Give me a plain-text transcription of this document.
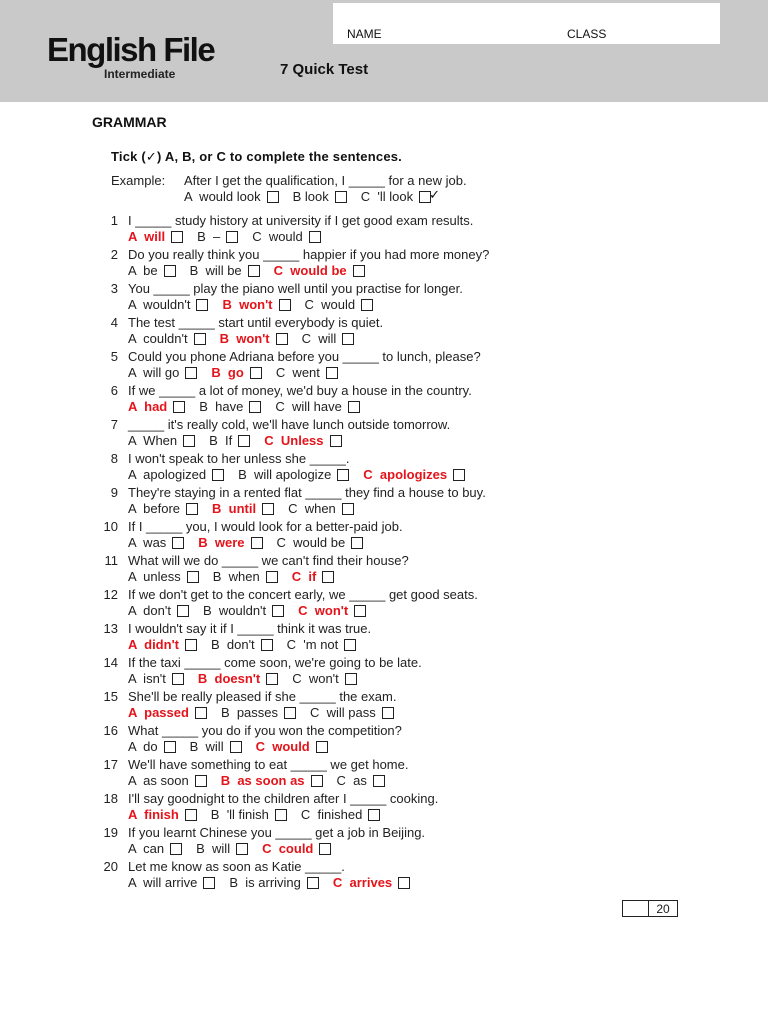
English File
Intermediate
NAME	CLASS
7 Quick Test
GRAMMAR
Tick (✓) A, B, or C to complete the sentences.
Example: After I get the qualification, I _____ for a new job.
A  would look B look C  'll look ✓
1 I _____ study history at university if I get good exam results.
A  will B  – C  would
2 Do you really think you _____ happier if you had more money?
A  be B  will be C  would be
3 You _____ play the piano well until you practise for longer.
A  wouldn't B  won't C  would
4 The test _____ start until everybody is quiet.
A  couldn't B  won't C  will
5 Could you phone Adriana before you _____ to lunch, please?
A  will go B  go C  went
6 If we _____ a lot of money, we'd buy a house in the country.
A  had B  have C  will have
7 _____ it's really cold, we'll have lunch outside tomorrow.
A  When B  If C  Unless
8 I won't speak to her unless she _____.
A  apologized B  will apologize C  apologizes
9 They're staying in a rented flat _____ they find a house to buy.
A  before B  until C  when
10 If I _____ you, I would look for a better-paid job.
A  was B  were C  would be
11 What will we do _____ we can't find their house?
A  unless B  when C  if
12 If we don't get to the concert early, we _____ get good seats.
A  don't B  wouldn't C  won't
13 I wouldn't say it if I _____ think it was true.
A  didn't B  don't C  'm not
14 If the taxi _____ come soon, we're going to be late.
A  isn't B  doesn't C  won't
15 She'll be really pleased if she _____ the exam.
A  passed B  passes C  will pass
16 What _____ you do if you won the competition?
A  do B  will C  would
17 We'll have something to eat _____ we get home.
A  as soon B  as soon as C  as
18 I'll say goodnight to the children after I _____ cooking.
A  finish B  'll finish C  finished
19 If you learnt Chinese you _____ get a job in Beijing.
A  can B  will C  could
20 Let me know as soon as Katie _____.
A  will arrive B  is arriving C  arrives
20
